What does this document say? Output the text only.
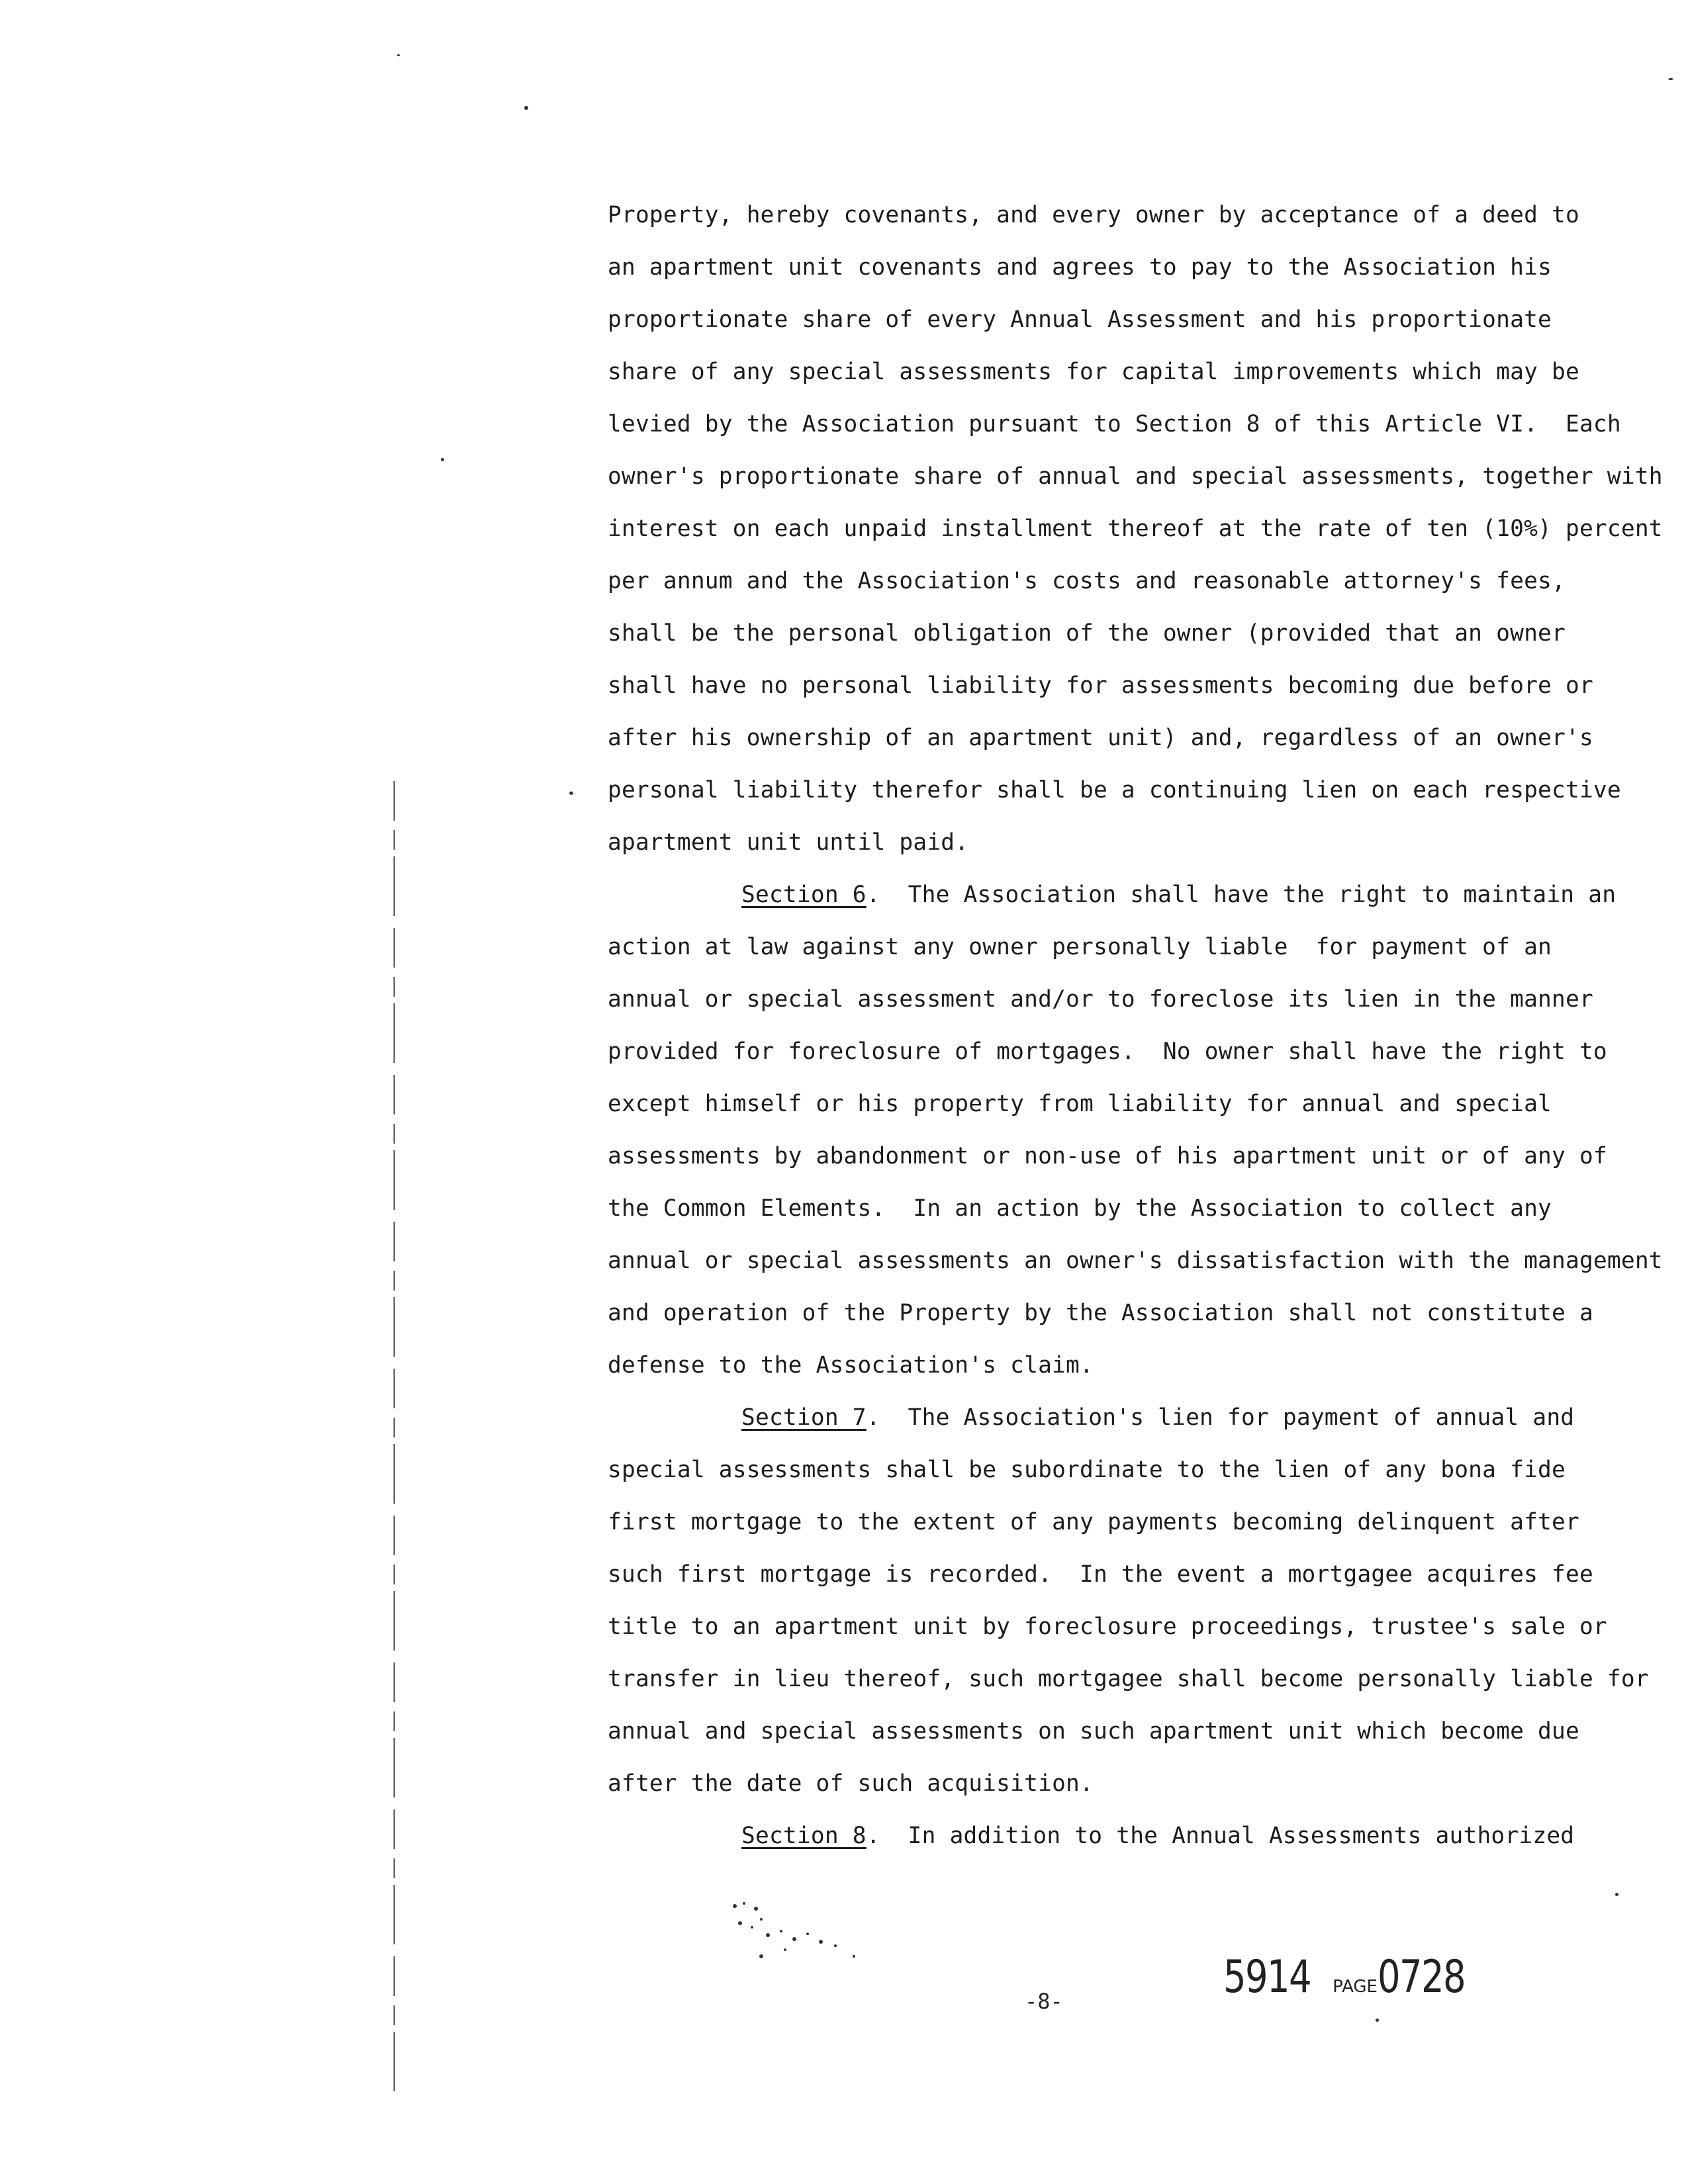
Property, hereby covenants, and every owner by acceptance of a deed to
an apartment unit covenants and agrees to pay to the Association his
proportionate share of every Annual Assessment and his proportionate
share of any special assessments for capital improvements which may be
levied by the Association pursuant to Section 8 of this Article VI.  Each
owner's proportionate share of annual and special assessments, together with
interest on each unpaid installment thereof at the rate of ten (10%) percent
per annum and the Association's costs and reasonable attorney's fees,
shall be the personal obligation of the owner (provided that an owner
shall have no personal liability for assessments becoming due before or
after his ownership of an apartment unit) and, regardless of an owner's
personal liability therefor shall be a continuing lien on each respective
apartment unit until paid.
Section 6.  The Association shall have the right to maintain an
action at law against any owner personally liable  for payment of an
annual or special assessment and/or to foreclose its lien in the manner
provided for foreclosure of mortgages.  No owner shall have the right to
except himself or his property from liability for annual and special
assessments by abandonment or non-use of his apartment unit or of any of
the Common Elements.  In an action by the Association to collect any
annual or special assessments an owner's dissatisfaction with the management
and operation of the Property by the Association shall not constitute a
defense to the Association's claim.
Section 7.  The Association's lien for payment of annual and
special assessments shall be subordinate to the lien of any bona fide
first mortgage to the extent of any payments becoming delinquent after
such first mortgage is recorded.  In the event a mortgagee acquires fee
title to an apartment unit by foreclosure proceedings, trustee's sale or
transfer in lieu thereof, such mortgagee shall become personally liable for
annual and special assessments on such apartment unit which become due
after the date of such acquisition.
Section 8.  In addition to the Annual Assessments authorized
-8-	5914 PAGE0728
